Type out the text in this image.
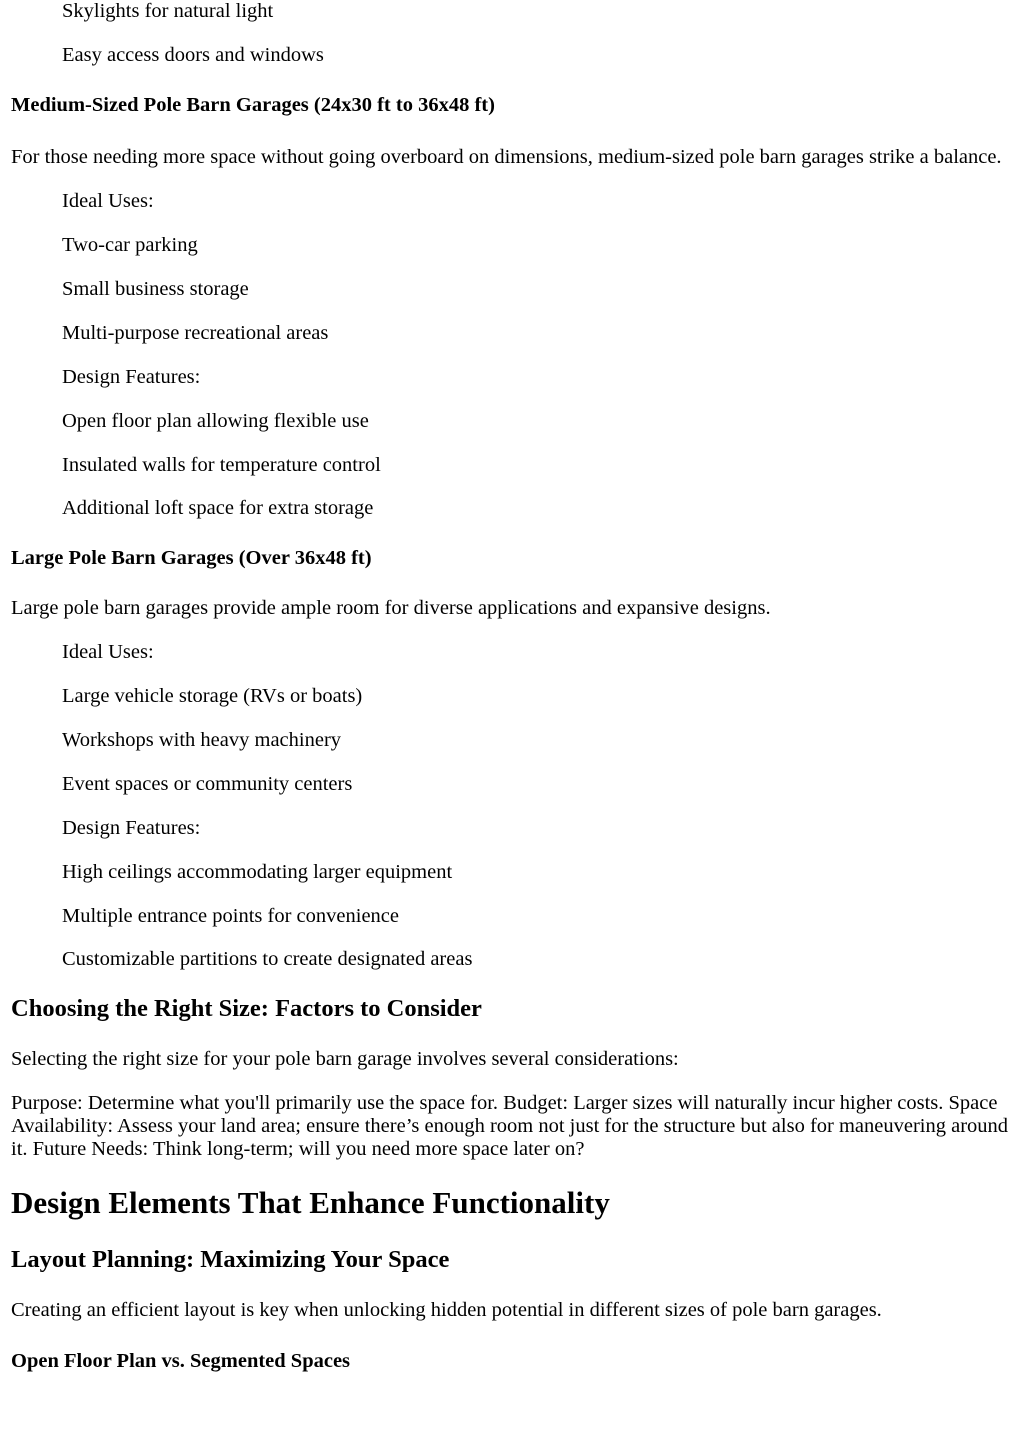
Skylights for natural light
Easy access doors and windows
Medium-Sized Pole Barn Garages (24x30 ft to 36x48 ft)
For those needing more space without going overboard on dimensions, medium-sized pole barn garages strike a balance.
Ideal Uses:
Two-car parking
Small business storage
Multi-purpose recreational areas
Design Features:
Open floor plan allowing flexible use
Insulated walls for temperature control
Additional loft space for extra storage
Large Pole Barn Garages (Over 36x48 ft)
Large pole barn garages provide ample room for diverse applications and expansive designs.
Ideal Uses:
Large vehicle storage (RVs or boats)
Workshops with heavy machinery
Event spaces or community centers
Design Features:
High ceilings accommodating larger equipment
Multiple entrance points for convenience
Customizable partitions to create designated areas
Choosing the Right Size: Factors to Consider
Selecting the right size for your pole barn garage involves several considerations:
Purpose: Determine what you'll primarily use the space for. Budget: Larger sizes will naturally incur higher costs. Space Availability: Assess your land area; ensure there’s enough room not just for the structure but also for maneuvering around it. Future Needs: Think long-term; will you need more space later on?
Design Elements That Enhance Functionality
Layout Planning: Maximizing Your Space
Creating an efficient layout is key when unlocking hidden potential in different sizes of pole barn garages.
Open Floor Plan vs. Segmented Spaces
